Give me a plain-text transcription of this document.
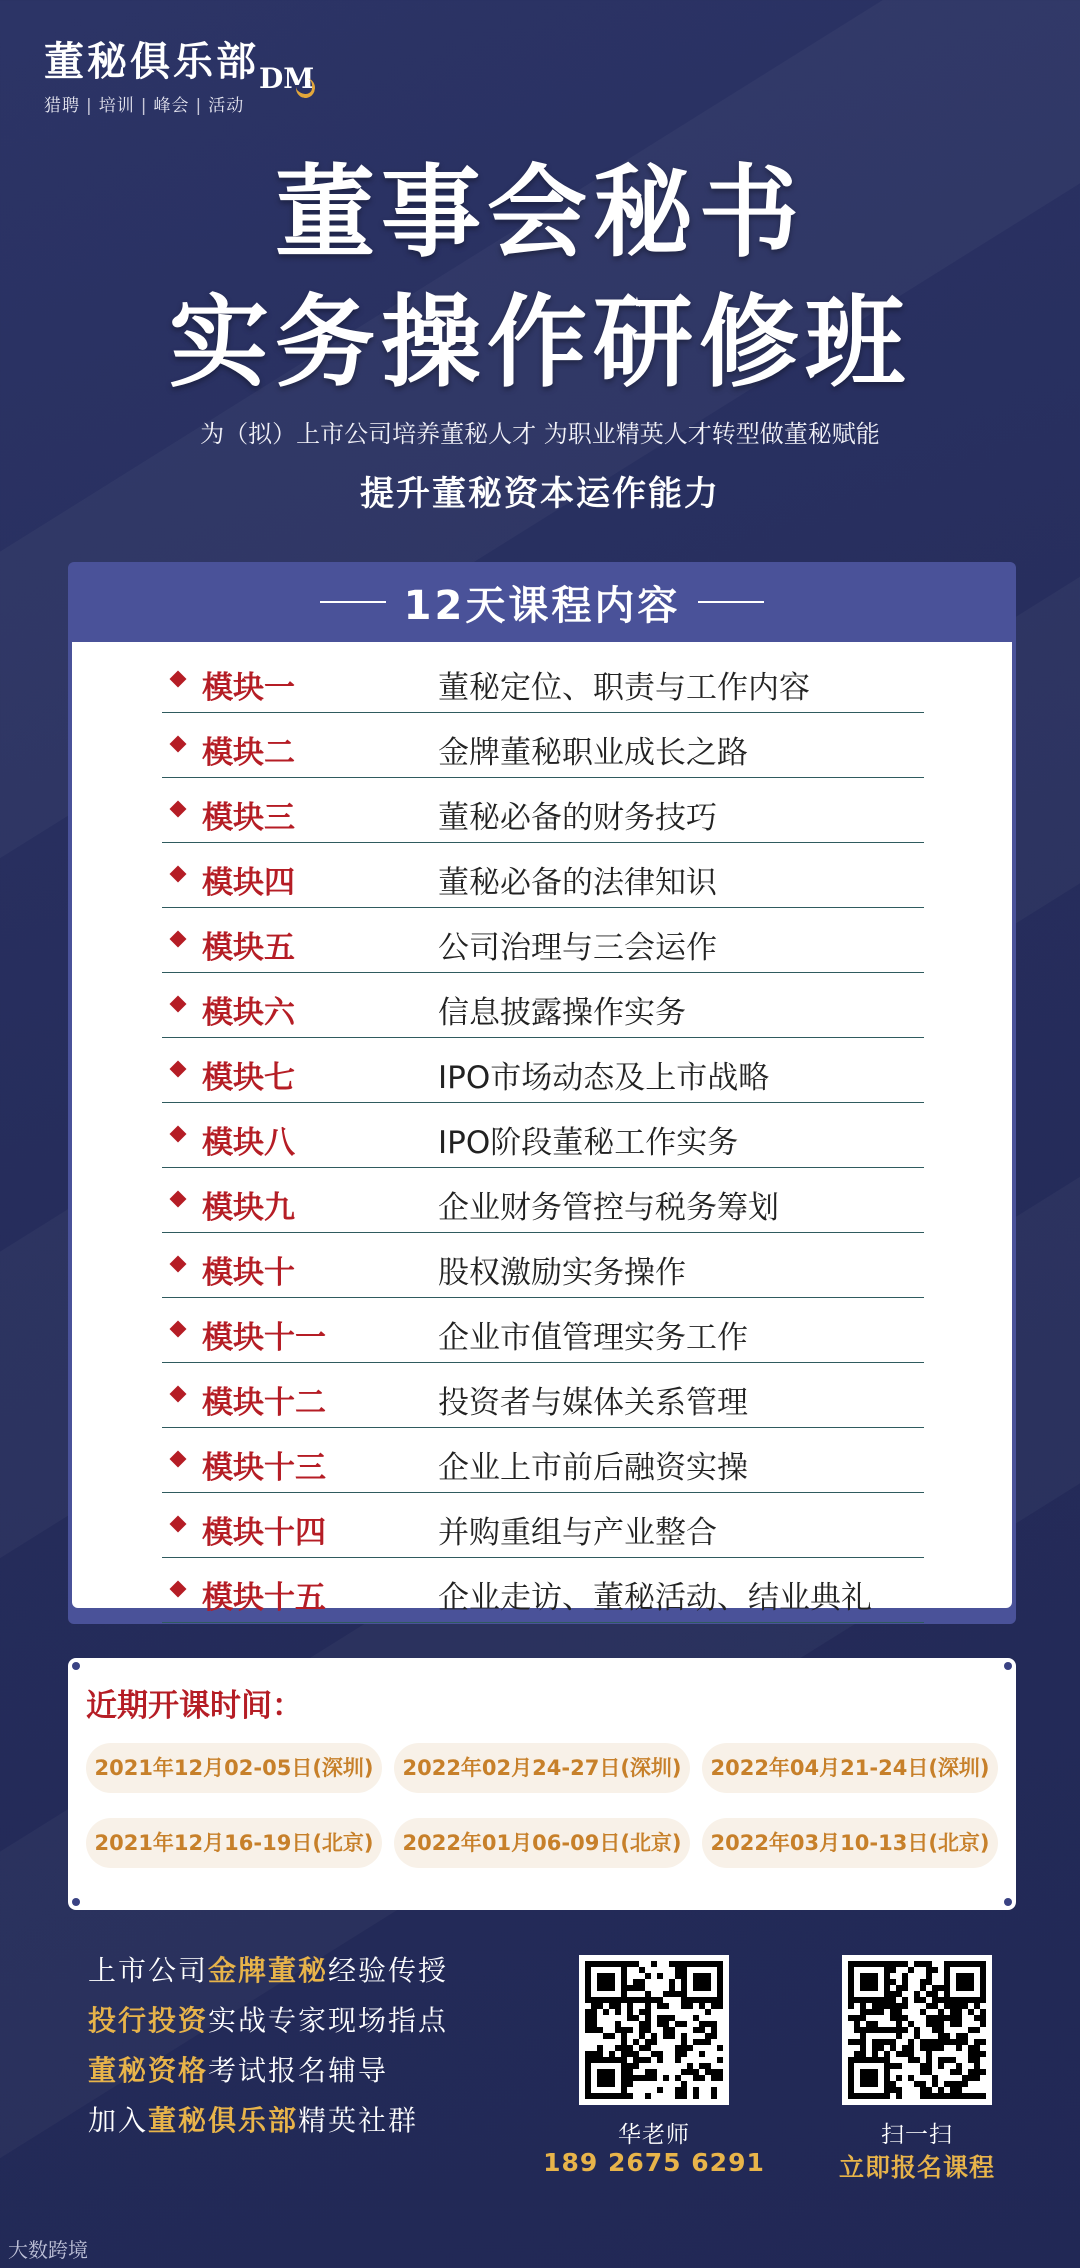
董秘俱乐部
猎聘 | 培训 | 峰会 | 活动
DM
董事会秘书
实务操作研修班
为（拟）上市公司培养董秘人才 为职业精英人才转型做董秘赋能
提升董秘资本运作能力
12天课程内容
模块一	董秘定位、职责与工作内容
模块二	金牌董秘职业成长之路
模块三	董秘必备的财务技巧
模块四	董秘必备的法律知识
模块五	公司治理与三会运作
模块六	信息披露操作实务
模块七	IPO市场动态及上市战略
模块八	IPO阶段董秘工作实务
模块九	企业财务管控与税务筹划
模块十	股权激励实务操作
模块十一	企业市值管理实务工作
模块十二	投资者与媒体关系管理
模块十三	企业上市前后融资实操
模块十四	并购重组与产业整合
模块十五	企业走访、董秘活动、结业典礼
近期开课时间：
2021年12月02-05日(深圳)	2022年02月24-27日(深圳)	2022年04月21-24日(深圳)
2021年12月16-19日(北京)	2022年01月06-09日(北京)	2022年03月10-13日(北京)
上市公司金牌董秘经验传授
投行投资实战专家现场指点
董秘资格考试报名辅导
加入董秘俱乐部精英社群	华老师
189 2675 6291
扫一扫
立即报名课程
大数跨境
